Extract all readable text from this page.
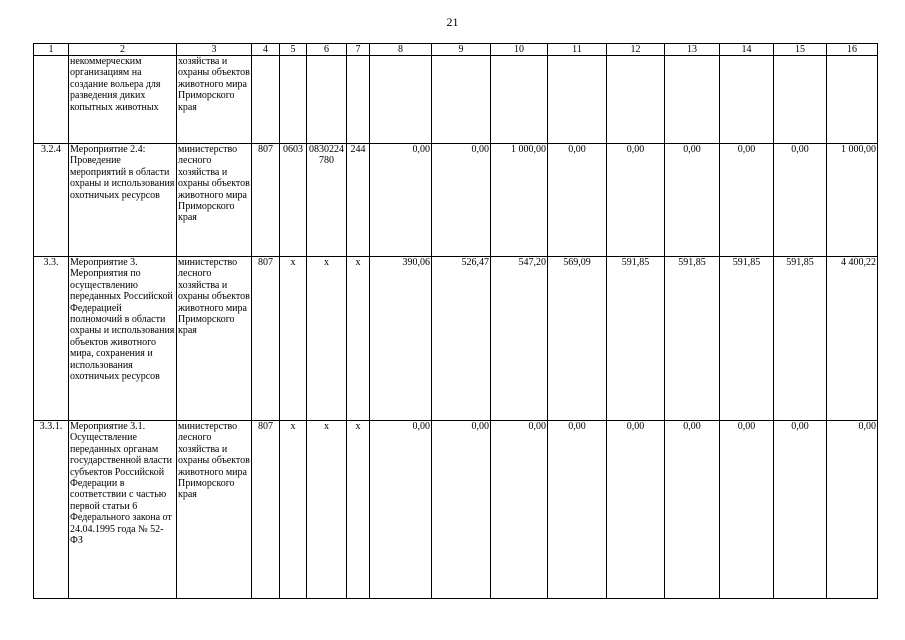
21
1	2	3	4	5	6	7	8	9	10	11	12	13	14	15	16
	некоммерческим организациям на создание вольера для разведения диких копытных животных	хозяйства и охраны объектов животного мира Приморского края													
3.2.4	Мероприятие 2.4: Проведение мероприятий в области охраны и использования охотничьих ресурсов	министерство лесного хозяйства и охраны объектов животного мира Приморского края	807	0603	0830224780	244	0,00	0,00	1 000,00	0,00	0,00	0,00	0,00	0,00	1 000,00
3.3.	Мероприятие 3. Мероприятия по осуществлению переданных Российской Федерацией полномочий в области охраны и использования объектов животного мира, сохранения и использования охотничьих ресурсов	министерство лесного хозяйства и охраны объектов животного мира Приморского края	807	х	х	х	390,06	526,47	547,20	569,09	591,85	591,85	591,85	591,85	4 400,22
3.3.1.	Мероприятие 3.1. Осуществление переданных органам государственной власти субъектов Российской Федерации в соответствии с частью первой статьи 6 Федерального закона от 24.04.1995 года № 52-ФЗ	министерство лесного хозяйства и охраны объектов животного мира Приморского края	807	х	х	х	0,00	0,00	0,00	0,00	0,00	0,00	0,00	0,00	0,00
